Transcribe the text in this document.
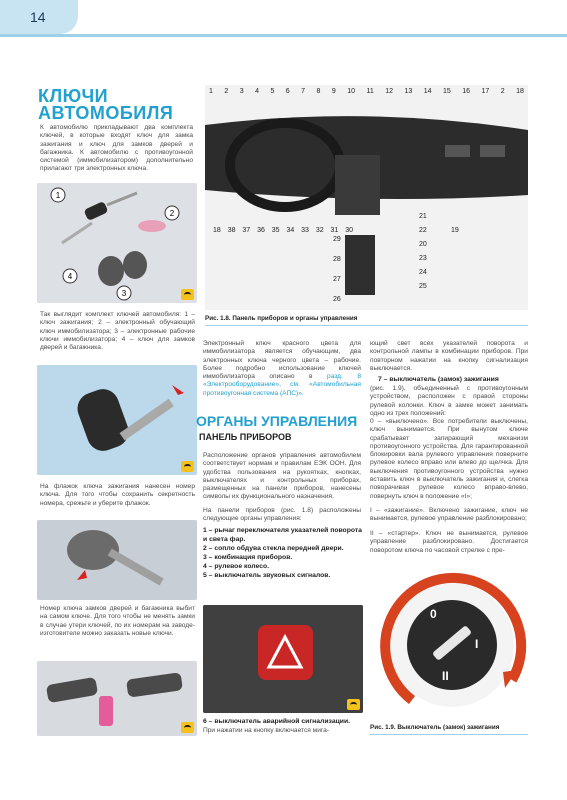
14
КЛЮЧИ
АВТОМОБИЛЯ
К автомобилю прикладывают два комплекта ключей, в которые входят ключ для замка зажигания и ключ для замков дверей и багажника. К автомобилю с противоугонной системой (иммобилизатором) дополнительно прилагают три электронных ключа.
1
2
3
4
Так выглядит комплект ключей автомобиля: 1 – ключ зажигания; 2 – электронный обучающий ключ иммобилизатора; 3 – электронные рабочие ключи иммобилизатора; 4 – ключ для замков дверей и багажника.
На флажок ключа зажигания нанесен номер ключа. Для того чтобы сохранить секретность номера, срежьте и уберите флажок.
Номер ключа замков дверей и багажника выбит на самом ключе. Для того чтобы не менять замки в случае утери ключей, по их номерам на заводе-изготовителе можно заказать новые ключи.
1 2 3 4 5 6 7 8 9 10 11 12 13 14 15 16 17 2 18
18 38 37 36 35 34 33 32 31 30
29
28
27
26
21
22
20
19
23
24
25
Рис. 1.8. Панель приборов и органы управления
Электронный ключ красного цвета для иммобилизатора является обучающим, два электронных ключа черного цвета – рабочие. Более подробно использование ключей иммобилизатора описано в разд. 8 «Электрооборудование», см. «Автомобильная противоугонная система (АПС)».
ОРГАНЫ УПРАВЛЕНИЯ
ПАНЕЛЬ ПРИБОРОВ
Расположение органов управления автомобилем соответствует нормам и правилам ЕЭК ООН. Для удобства пользования на рукоятках, кнопках, выключателях и контрольных приборах, размещенных на панели приборов, нанесены символы их функционального назначения.
На панели приборов (рис. 1.8) расположены следующие органы управления:
1 – рычаг переключателя указателей поворота и света фар.
2 – сопло обдува стекла передней двери.
3 – комбинация приборов.
4 – рулевое колесо.
5 – выключатель звуковых сигналов.
6 – выключатель аварийной сигнализации.
При нажатии на кнопку включается мига-
ющий свет всех указателей поворота и контрольной лампы в комбинации приборов. При повторном нажатии на кнопку сигнализация выключается.
7 – выключатель (замок) зажигания
(рис. 1.9), объединенный с противоугонным устройством, расположен с правой стороны рулевой колонки. Ключ в замке может занимать одно из трех положений:
0 – «выключено». Все потребители выключены, ключ вынимается. При вынутом ключе срабатывает запирающий механизм противоугонного устройства. Для гарантированной блокировки вала рулевого управления поверните рулевое колесо вправо или влево до щелчка. Для выключения противоугонного устройства нужно вставить ключ в выключатель зажигания и, слегка поворачивая рулевое колесо вправо-влево, повернуть ключ в положение «I»;
I – «зажигание». Включено зажигание, ключ не вынимается, рулевое управление разблокировано;
II – «стартер». Ключ не вынимается, рулевое управление разблокировано. Достигается поворотом ключа по часовой стрелке с пре-
0
I
II
Рис. 1.9. Выключатель (замок) зажигания
